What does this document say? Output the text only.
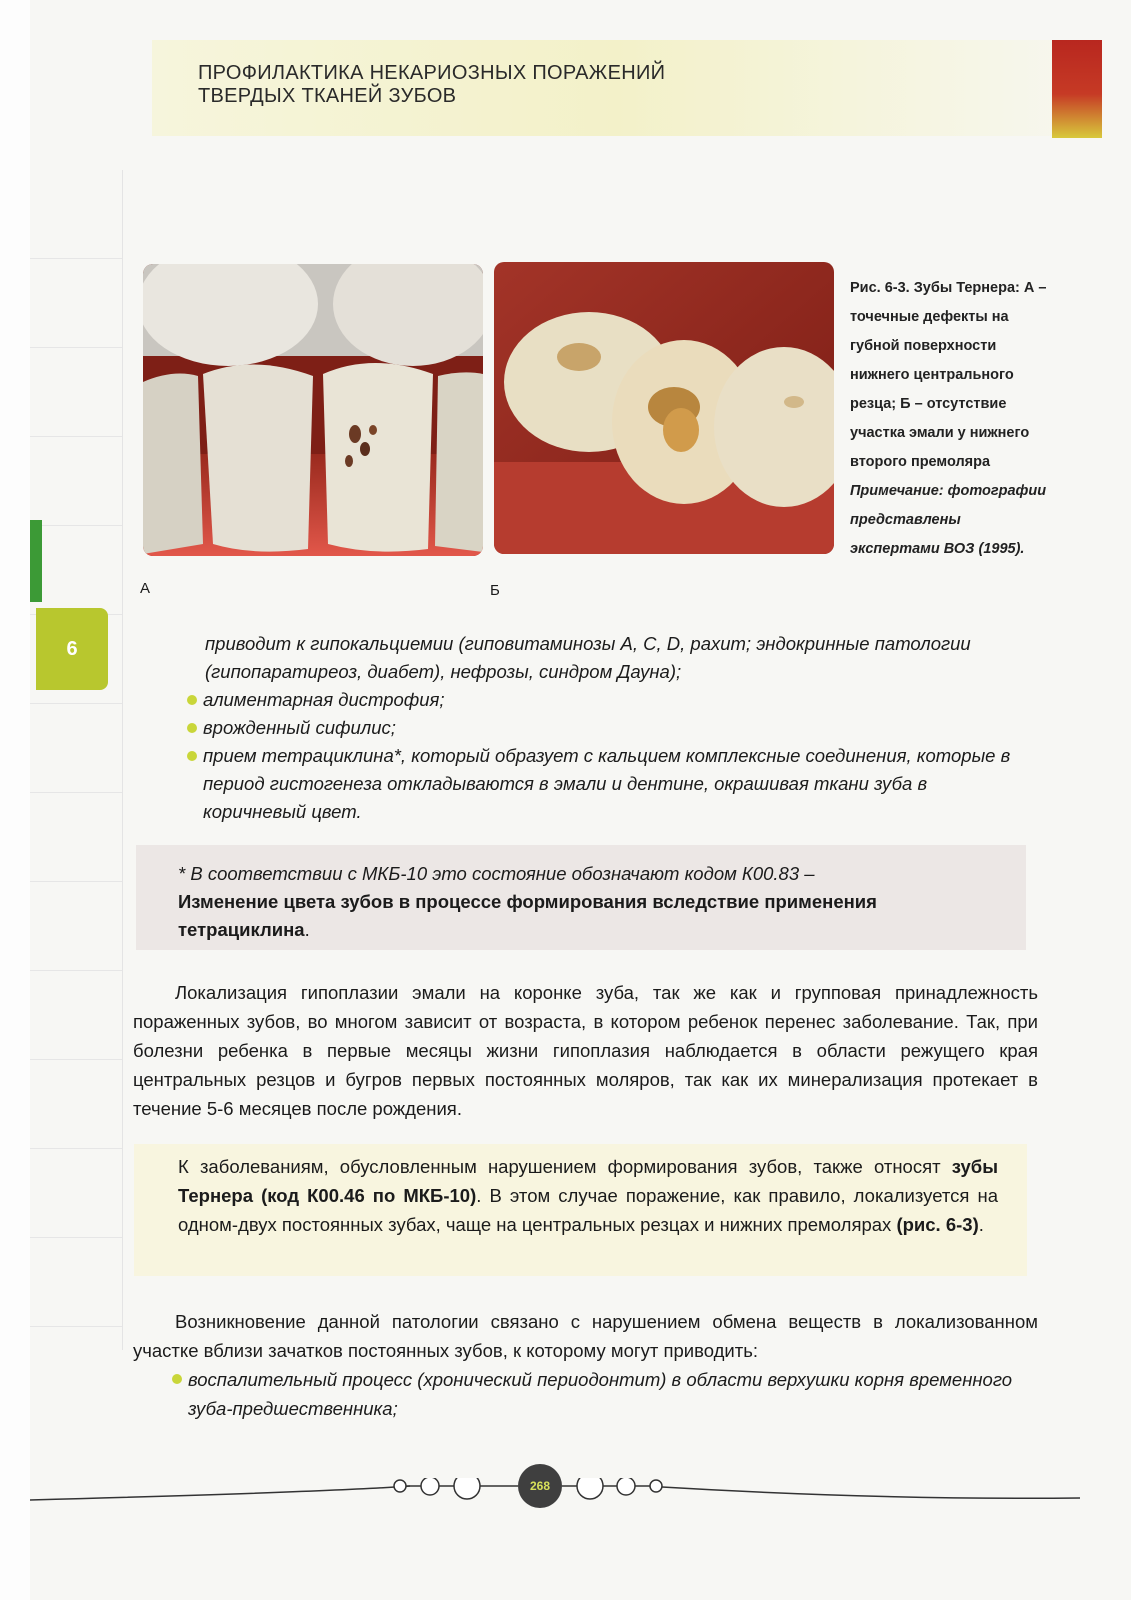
6
ПРОФИЛАКТИКА НЕКАРИОЗНЫХ ПОРАЖЕНИЙ
ТВЕРДЫХ ТКАНЕЙ ЗУБОВ
А	Б
Рис. 6-3. Зубы Тернера: А – точечные дефекты на губной поверхности нижнего центрального резца; Б – отсутствие участка эмали у нижнего второго премоляра Примечание: фотографии представлены экспертами ВОЗ (1995).
приводит к гипокальциемии (гиповитаминозы А, С, D, рахит; эндокринные патологии (гипопаратиреоз, диабет), нефрозы, синдром Дауна);
алиментарная дистрофия;
врожденный сифилис;
прием тетрациклина*, который образует с кальцием комплексные соединения, которые в период гистогенеза откладываются в эмали и дентине, окрашивая ткани зуба в коричневый цвет.
* В соответствии с МКБ-10 это состояние обозначают кодом К00.83 –
Изменение цвета зубов в процессе формирования вследствие применения тетрациклина.
Локализация гипоплазии эмали на коронке зуба, так же как и групповая принадлежность пораженных зубов, во многом зависит от возраста, в котором ребенок перенес заболевание. Так, при болезни ребенка в первые месяцы жизни гипоплазия наблюдается в области режущего края центральных резцов и бугров первых постоянных моляров, так как их минерализация протекает в течение 5-6 месяцев после рождения.
К заболеваниям, обусловленным нарушением формирования зубов, также относят зубы Тернера (код К00.46 по МКБ-10). В этом случае поражение, как правило, локализуется на одном-двух постоянных зубах, чаще на центральных резцах и нижних премолярах (рис. 6-3).
Возникновение данной патологии связано с нарушением обмена веществ в локализованном участке вблизи зачатков постоянных зубов, к которому могут приводить:
воспалительный процесс (хронический периодонтит) в области верхушки корня временного зуба-предшественника;
268
